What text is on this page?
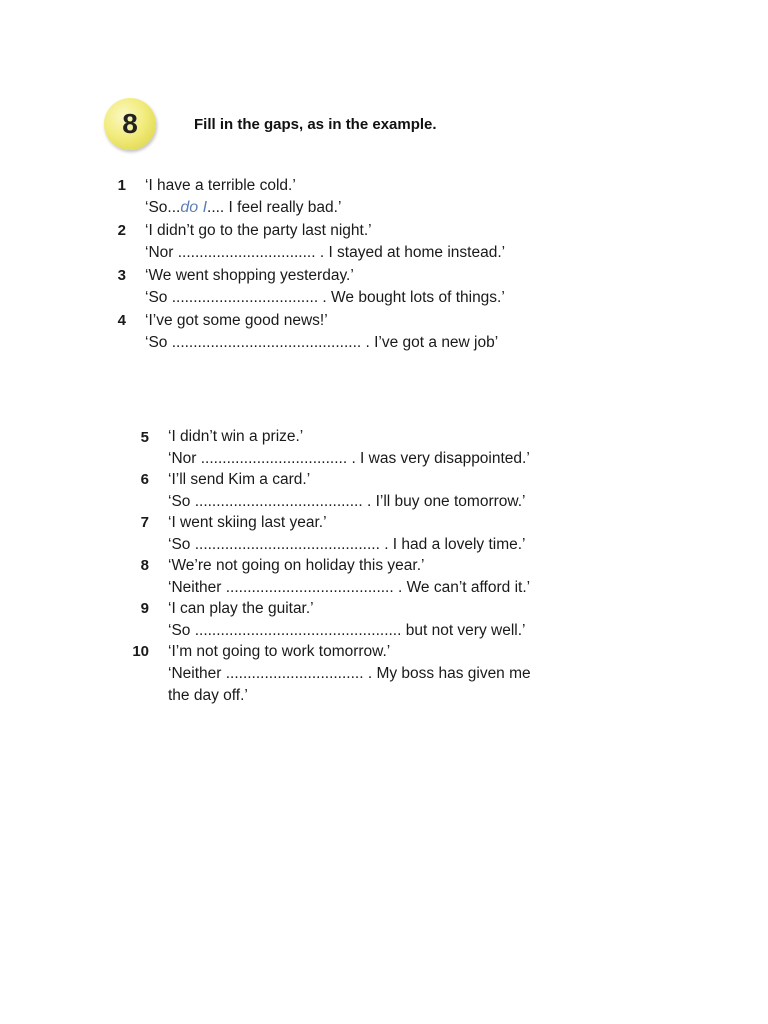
8	Fill in the gaps, as in the example.
1 ‘I have a terrible cold.’
‘So...do I.... I feel really bad.’
2 ‘I didn’t go to the party last night.’
‘Nor ................................ . I stayed at home instead.’
3 ‘We went shopping yesterday.’
‘So .................................. . We bought lots of things.’
4 ‘I’ve got some good news!’
‘So ............................................ . I’ve got a new job’
5 ‘I didn’t win a prize.’
‘Nor .................................. . I was very disappointed.’
6 ‘I’ll send Kim a card.’
‘So ....................................... . I’ll buy one tomorrow.’
7 ‘I went skiing last year.’
‘So ........................................... . I had a lovely time.’
8 ‘We’re not going on holiday this year.’
‘Neither ....................................... . We can’t afford it.’
9 ‘I can play the guitar.’
‘So ................................................ but not very well.’
10 ‘I’m not going to work tomorrow.’
‘Neither ................................ . My boss has given me
the day off.’
